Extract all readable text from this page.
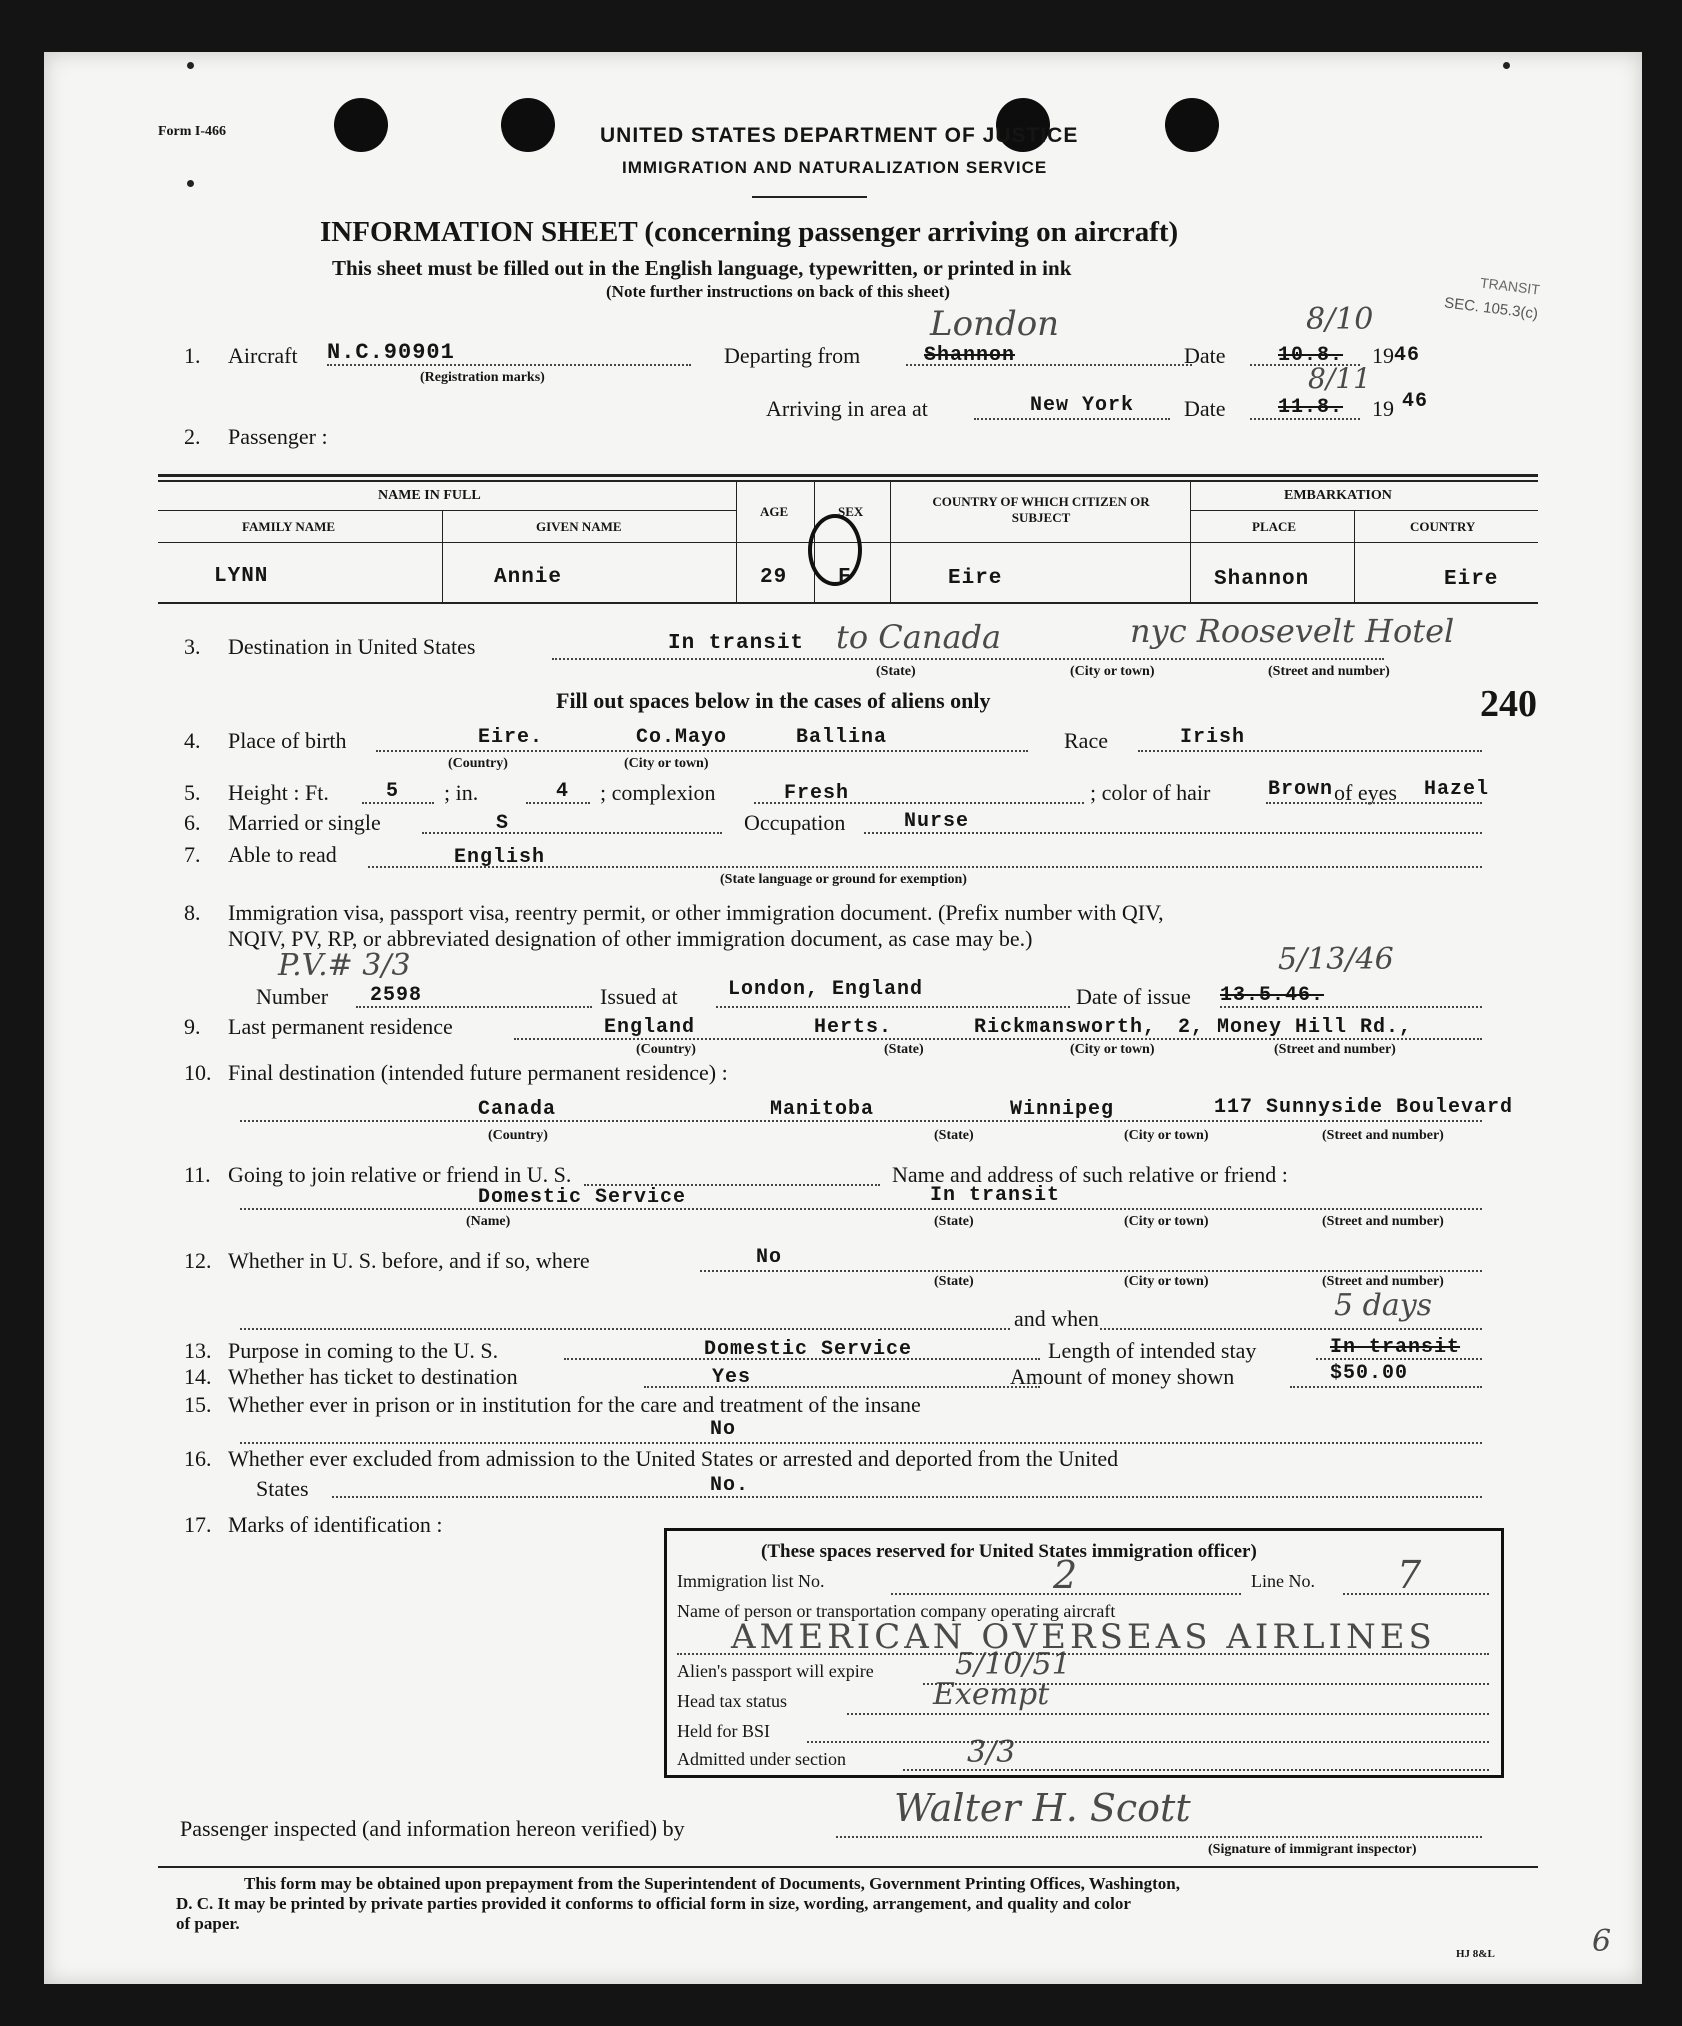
Form I-466	UNITED STATES DEPARTMENT OF JUSTICE
IMMIGRATION AND NATURALIZATION SERVICE
INFORMATION SHEET (concerning passenger arriving on aircraft)
This sheet must be filled out in the English language, typewritten, or printed in ink
(Note further instructions on back of this sheet)	TRANSIT
SEC. 105.3(c)
1. Aircraft N.C.90901
(Registration marks)
Departing from	Shannon
London
Date	10.8.
8/10
19 46
Arriving in area at	New York Date	11.8.
8/11
19 46
2. Passenger :
NAME IN FULL
FAMILY NAME	GIVEN NAME
AGE	SEX
COUNTRY OF WHICH CITIZEN OR SUBJECT
EMBARKATION
PLACE	COUNTRY
LYNN	Annie	29 F	Eire	Shannon	Eire
3. Destination in United States	In transit to Canada	nyc Roosevelt Hotel
(State)	(City or town)	(Street and number)
240
Fill out spaces below in the cases of aliens only
4. Place of birth	Eire.	Co.Mayo	Ballina
(Country)	(City or town)
Race	Irish
5. Height : Ft.	5 ; in.	4 ; complexion	Fresh	; color of hair	Brown of eyes Hazel
6. Married or single	S	Occupation	Nurse
7. Able to read	English
(State language or ground for exemption)
8. Immigration visa, passport visa, reentry permit, or other immigration document. (Prefix number with QIV,
NQIV, PV, RP, or abbreviated designation of other immigration document, as case may be.)
P.V.# 3/3
Number 2598	Issued at	London, England	Date of issue 13.5.46.
5/13/46
9. Last permanent residence	England	Herts.	Rickmansworth, 2, Money Hill Rd.,
(Country)	(State)	(City or town)	(Street and number)
10. Final destination (intended future permanent residence) :
Canada	Manitoba	Winnipeg	117 Sunnyside Boulevard
(Country)	(State)	(City or town)	(Street and number)
11. Going to join relative or friend in U. S.	Name and address of such relative or friend :
Domestic Service	In transit
(Name)	(State)	(City or town)	(Street and number)
12. Whether in U. S. before, and if so, where	No
(State)	(City or town)	(Street and number)
and when	5 days
13. Purpose in coming to the U. S.	Domestic Service	Length of intended stay	In transit
14. Whether has ticket to destination	Yes	Amount of money shown	$50.00
15. Whether ever in prison or in institution for the care and treatment of the insane
No
16. Whether ever excluded from admission to the United States or arrested and deported from the United
States	No.
17. Marks of identification :
(These spaces reserved for United States immigration officer)
Immigration list No.	2	Line No. 7
Name of person or transportation company operating aircraft
AMERICAN OVERSEAS AIRLINES
Alien's passport will expire	5/10/51
Head tax status	Exempt
Held for BSI
Admitted under section	3/3
Passenger inspected (and information hereon verified) by	Walter H. Scott
(Signature of immigrant inspector)
This form may be obtained upon prepayment from the Superintendent of Documents, Government Printing Offices, Washington,
D. C. It may be printed by private parties provided it conforms to official form in size, wording, arrangement, and quality and color
of paper.
HJ 8&L	6
